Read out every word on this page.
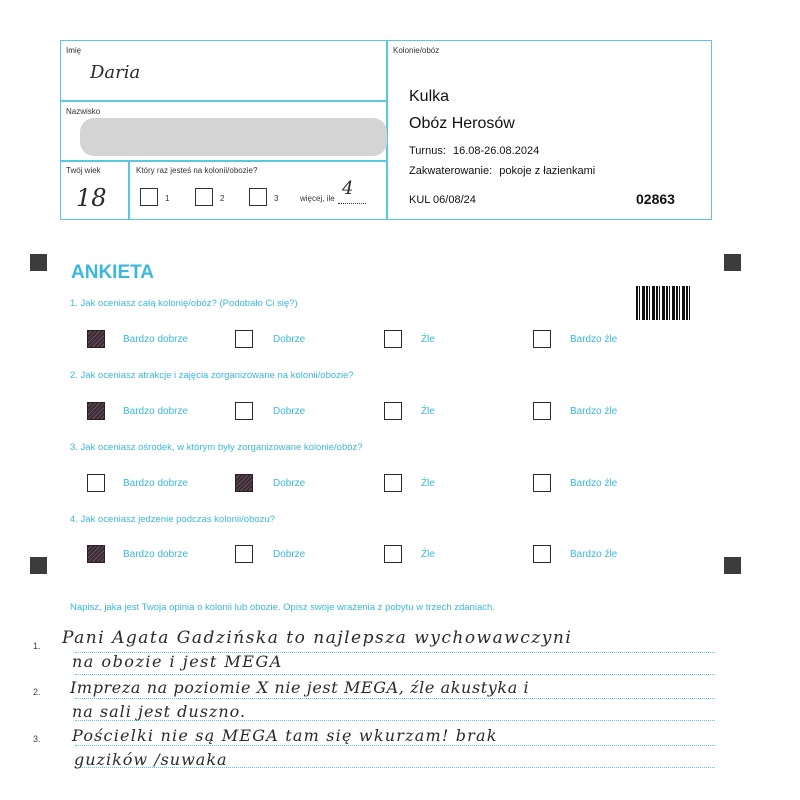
Imię
Daria
Nazwisko
Twój wiek
18
Który raz jesteś na kolonii/obozie?
1	2	3	więcej, ile 4
Kolonie/obóz
Kulka
Obóz Herosów
Turnus: 16.08-26.08.2024
Zakwaterowanie: pokoje z łazienkami
KUL 06/08/24	02863
ANKIETA
1. Jak oceniasz całą kolonię/obóz? (Podobało Ci się?)
Bardzo dobrze	Dobrze	Źle	Bardzo źle
2. Jak oceniasz atrakcje i zajęcia zorganizowane na kolonii/obozie?
Bardzo dobrze	Dobrze	Źle	Bardzo źle
3. Jak oceniasz ośrodek, w którym były zorganizowane kolonie/obóz?
Bardzo dobrze	Dobrze	Źle	Bardzo źle
4. Jak oceniasz jedzenie podczas kolonii/obozu?
Bardzo dobrze	Dobrze	Źle	Bardzo źle
Napisz, jaka jest Twoja opinia o kolonii lub obozie. Opisz swoje wrażenia z pobytu w trzech zdaniach.
1.
2.
3.
Pani Agata Gadzińska to najlepsza wychowawczyni
na obozie i jest MEGA
Impreza na poziomie X nie jest MEGA, źle akustyka i
na sali jest duszno.
Pościelki nie są MEGA tam się wkurzam! brak
guzików /suwaka
